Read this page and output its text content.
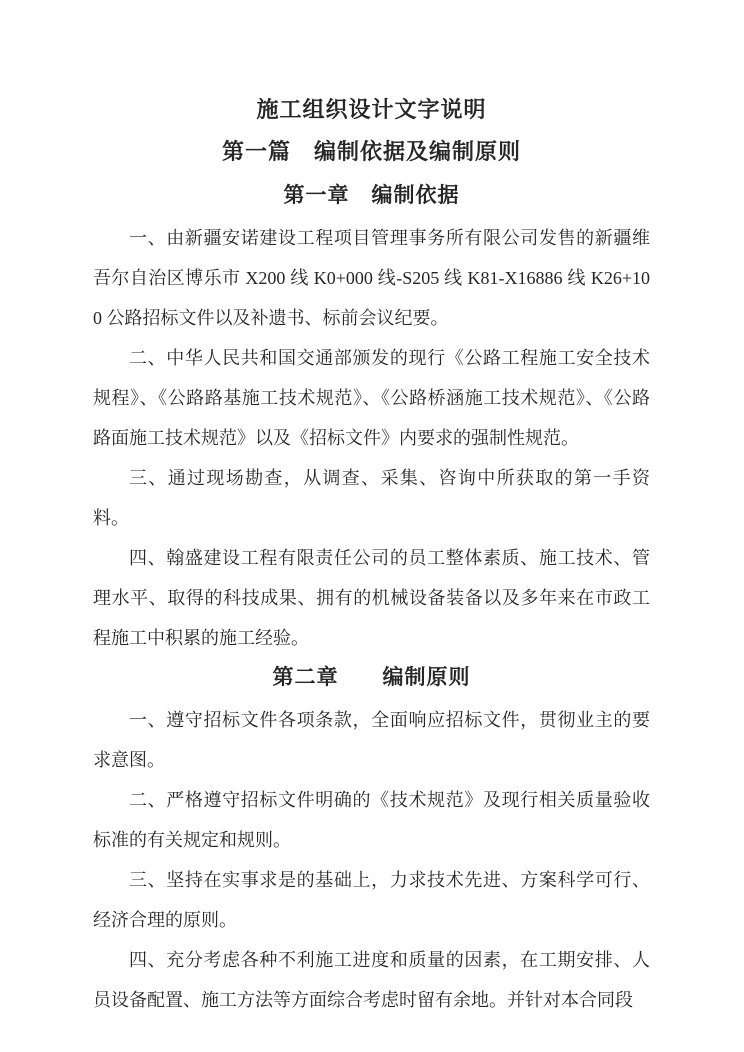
施工组织设计文字说明
第一篇　编制依据及编制原则
第一章　编制依据

一、由新疆安诺建设工程项目管理事务所有限公司发售的新疆维吾尔自治区博乐市 X200 线 K0+000 线-S205 线 K81-X16886 线 K26+100 公路招标文件以及补遗书、标前会议纪要。

二、中华人民共和国交通部颁发的现行《公路工程施工安全技术规程》、《公路路基施工技术规范》、《公路桥涵施工技术规范》、《公路路面施工技术规范》以及《招标文件》内要求的强制性规范。

三、通过现场勘查，从调查、采集、咨询中所获取的第一手资料。

四、翰盛建设工程有限责任公司的员工整体素质、施工技术、管理水平、取得的科技成果、拥有的机械设备装备以及多年来在市政工程施工中积累的施工经验。

第二章　　编制原则

一、遵守招标文件各项条款，全面响应招标文件，贯彻业主的要求意图。

二、严格遵守招标文件明确的《技术规范》及现行相关质量验收标准的有关规定和规则。

三、坚持在实事求是的基础上，力求技术先进、方案科学可行、经济合理的原则。

四、充分考虑各种不利施工进度和质量的因素，在工期安排、人员设备配置、施工方法等方面综合考虑时留有余地。并针对本合同段
